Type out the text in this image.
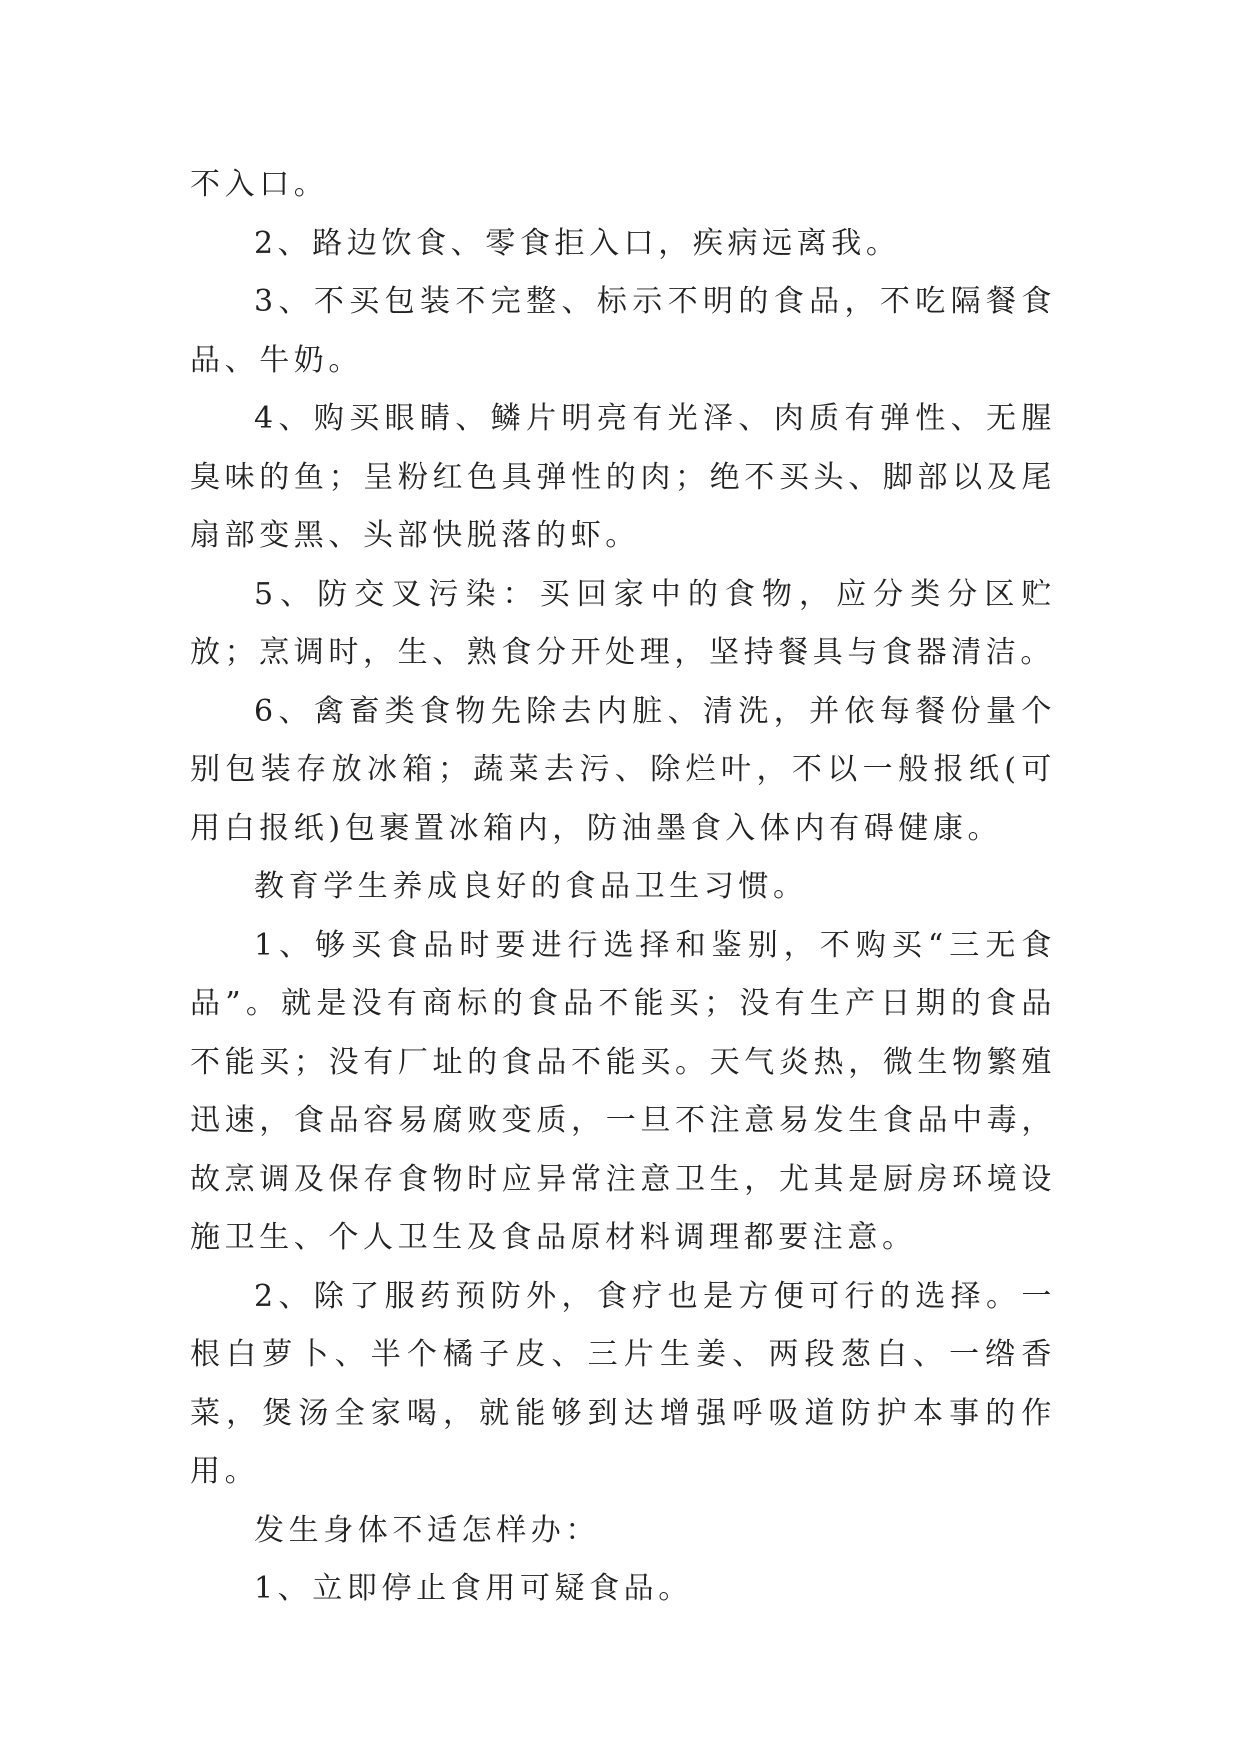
不入口。

2、路边饮食、零食拒入口，疾病远离我。

3、不买包装不完整、标示不明的食品，不吃隔餐食品、牛奶。

4、购买眼睛、鳞片明亮有光泽、肉质有弹性、无腥臭味的鱼；呈粉红色具弹性的肉；绝不买头、脚部以及尾扇部变黑、头部快脱落的虾。

5、防交叉污染：买回家中的食物，应分类分区贮放；烹调时，生、熟食分开处理，坚持餐具与食器清洁。

6、禽畜类食物先除去内脏、清洗，并依每餐份量个别包装存放冰箱；蔬菜去污、除烂叶，不以一般报纸(可用白报纸)包裹置冰箱内，防油墨食入体内有碍健康。

教育学生养成良好的食品卫生习惯。

1、够买食品时要进行选择和鉴别，不购买“三无食品”。就是没有商标的食品不能买；没有生产日期的食品不能买；没有厂址的食品不能买。天气炎热，微生物繁殖迅速，食品容易腐败变质，一旦不注意易发生食品中毒，故烹调及保存食物时应异常注意卫生，尤其是厨房环境设施卫生、个人卫生及食品原材料调理都要注意。

2、除了服药预防外，食疗也是方便可行的选择。一根白萝卜、半个橘子皮、三片生姜、两段葱白、一绺香菜，煲汤全家喝，就能够到达增强呼吸道防护本事的作用。

发生身体不适怎样办：

1、立即停止食用可疑食品。
